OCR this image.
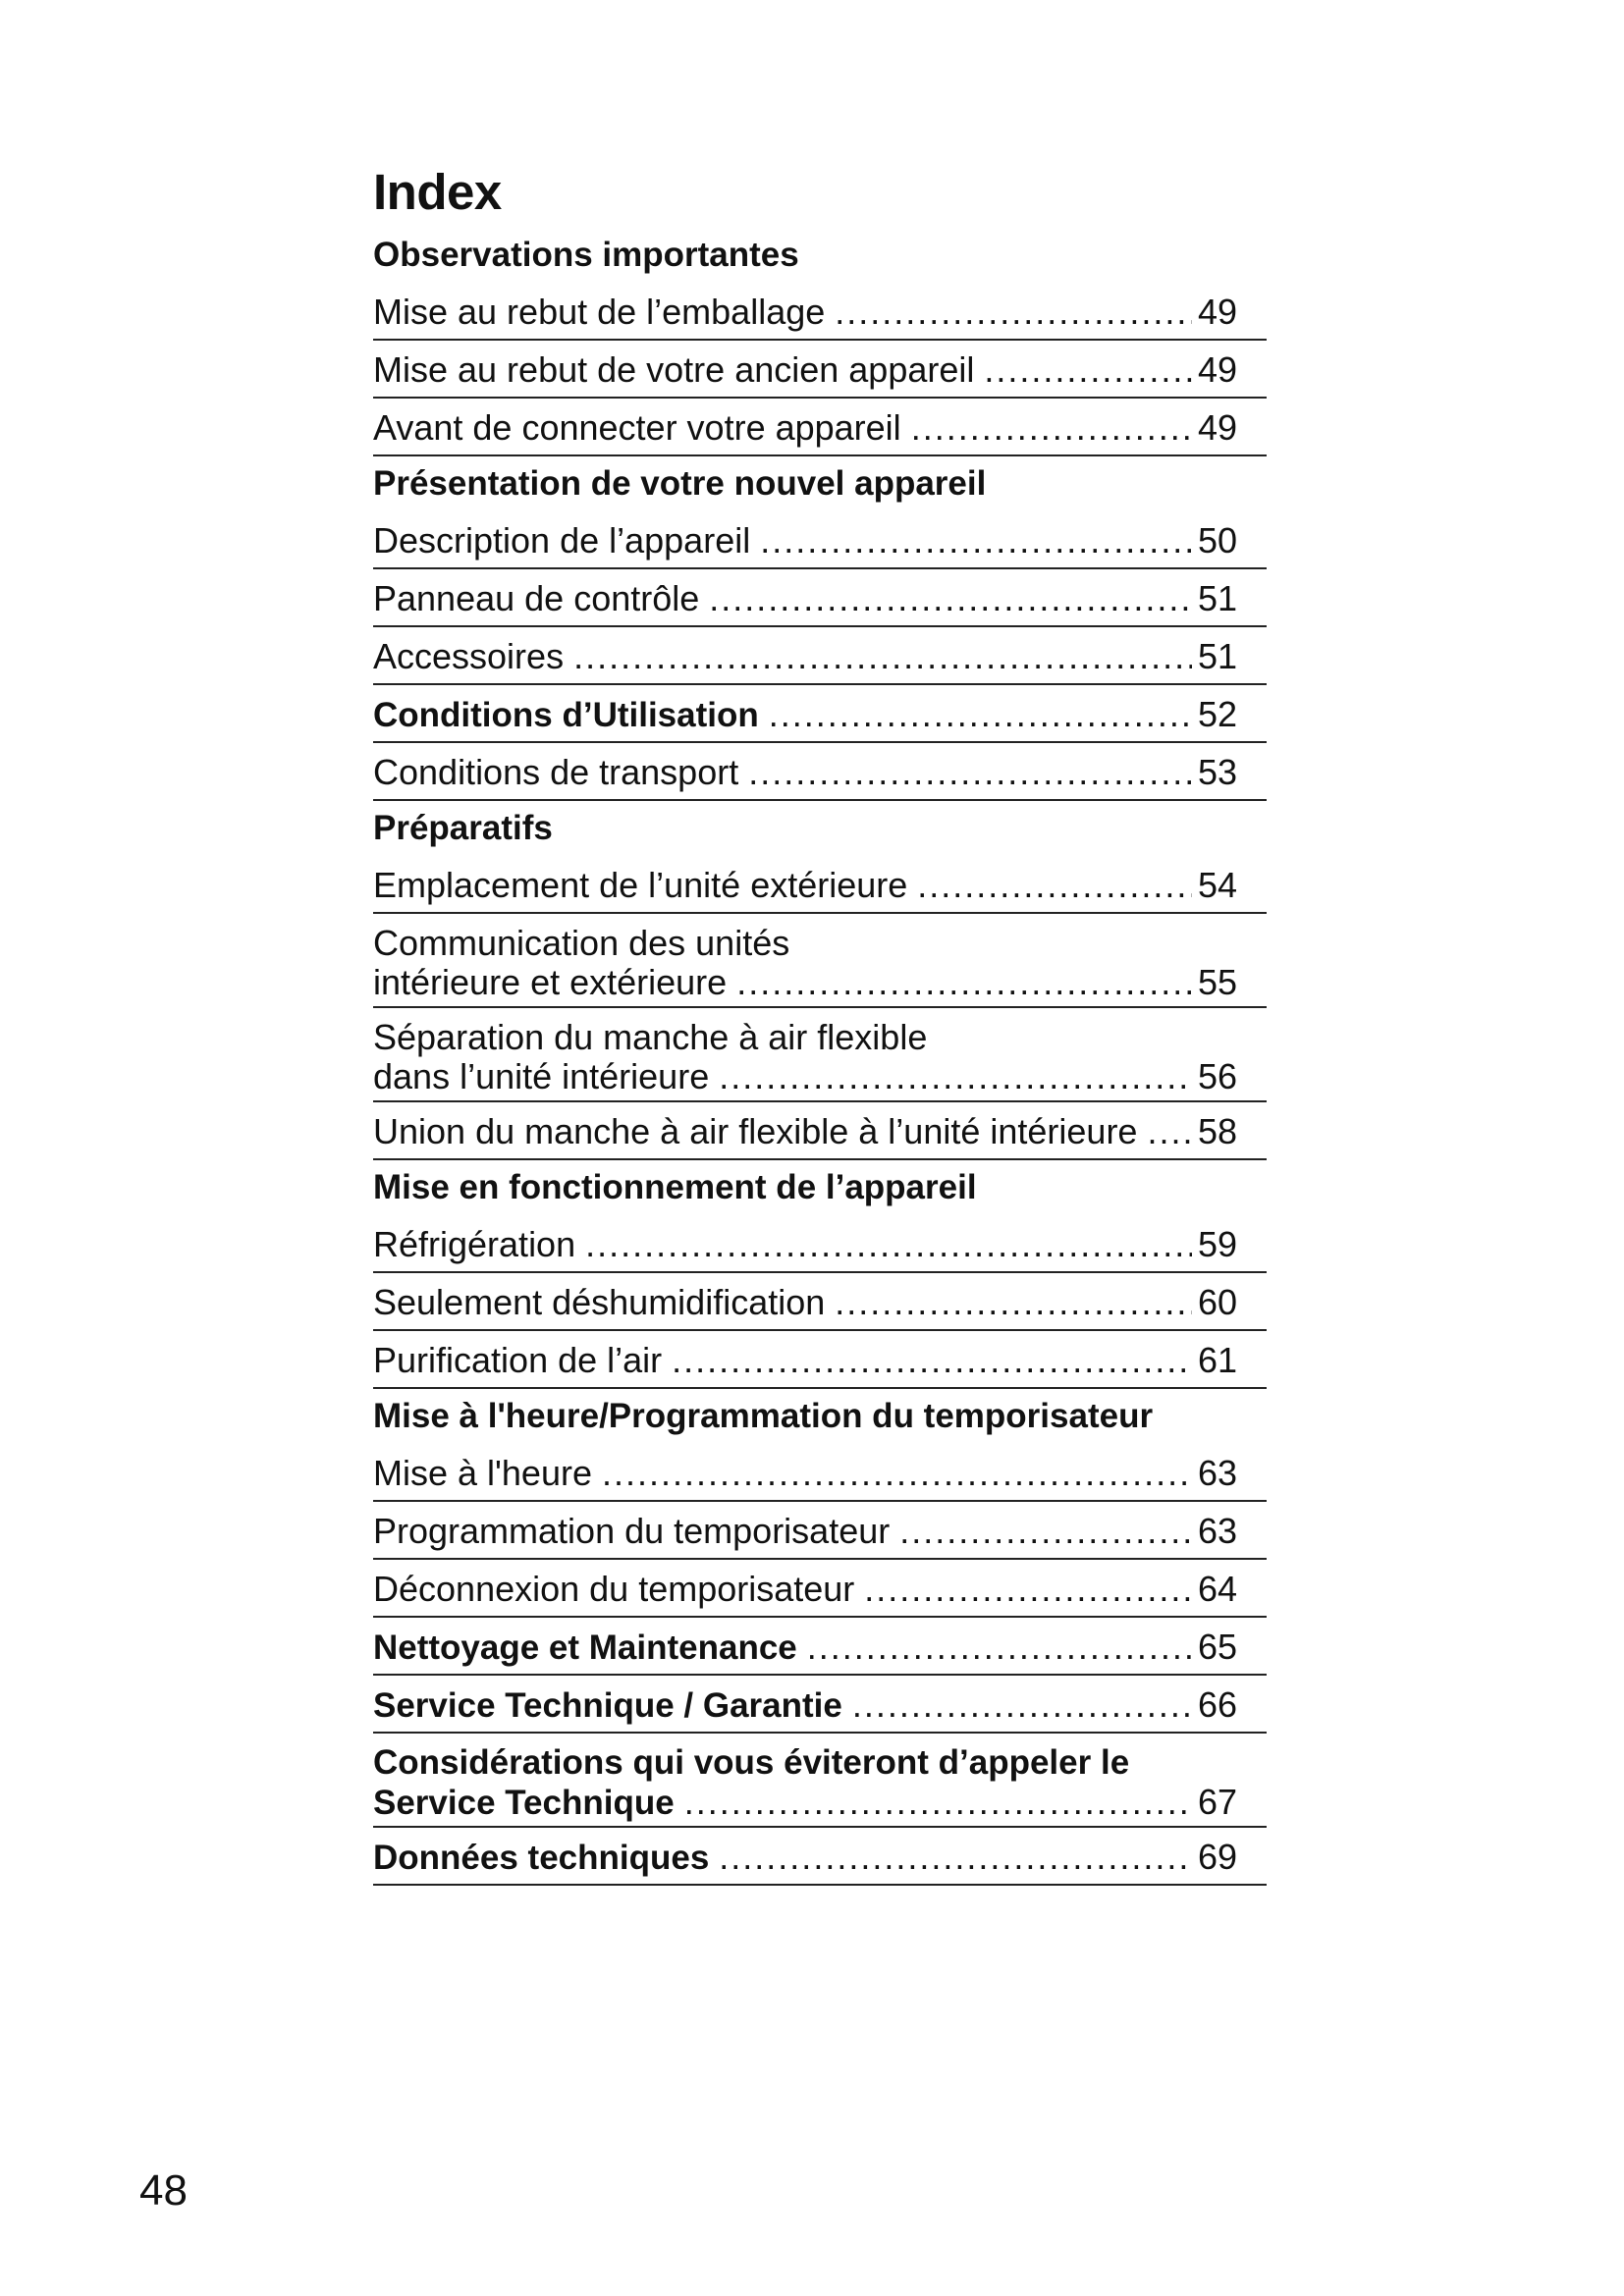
Index
Observations importantes
Mise au rebut de l’emballage .....	49
Mise au rebut de votre ancien appareil .....	49
Avant de connecter votre appareil .....	49
Présentation de votre nouvel appareil
Description de l’appareil .....	50
Panneau de contrôle .....	51
Accessoires .....	51
Conditions d’Utilisation .....	52
Conditions de transport .....	53
Préparatifs
Emplacement de l’unité extérieure .....	54
Communication des unités
intérieure et extérieure .....	55
Séparation du manche à air flexible
dans l’unité intérieure .....	56
Union du manche à air flexible à l’unité intérieure ..... 58
Mise en fonctionnement de l’appareil
Réfrigération .....	59
Seulement déshumidification .....	60
Purification de l’air .....	61
Mise à l'heure/Programmation du temporisateur
Mise à l'heure .....	63
Programmation du temporisateur .....	63
Déconnexion du temporisateur .....	64
Nettoyage et Maintenance .....	65
Service Technique / Garantie .....	66
Considérations qui vous éviteront d’appeler le
Service Technique .....	67
Données techniques .....	69
48
